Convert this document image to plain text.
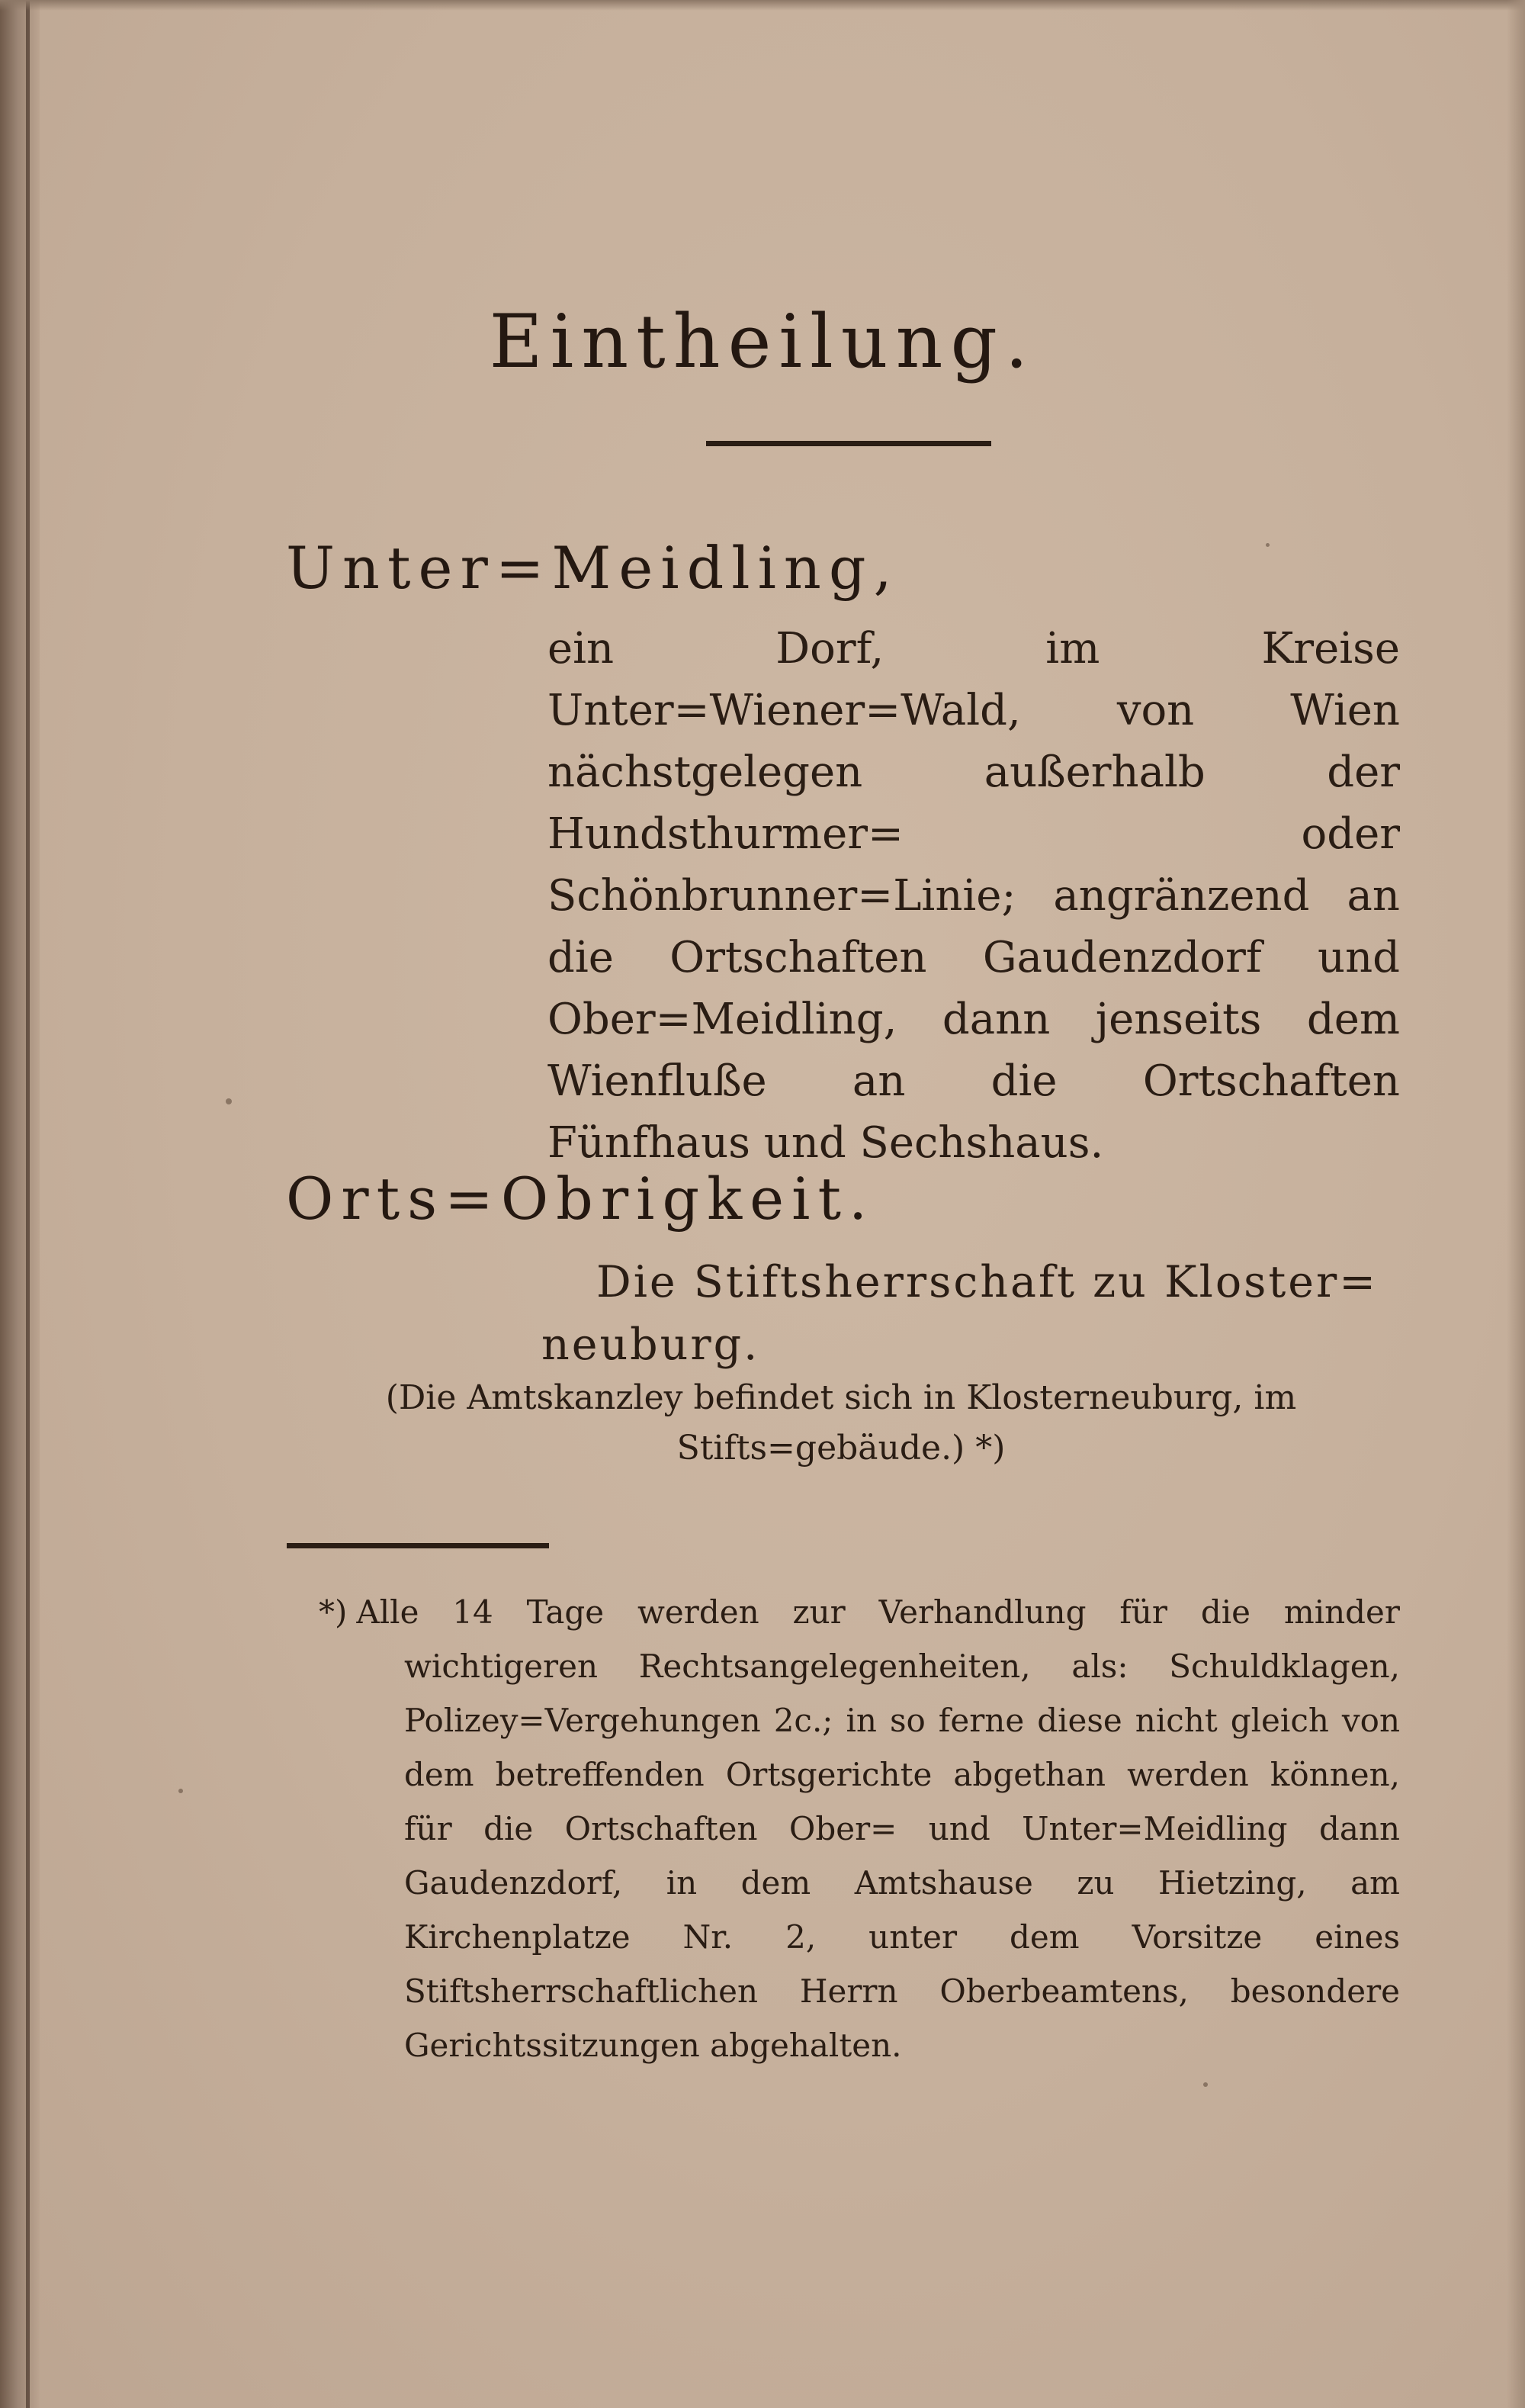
Eintheilung.
Unter=Meidling,
ein Dorf, im Kreise Unter=Wiener=Wald, von Wien nächstgelegen außerhalb der Hundsthurmer= oder Schönbrunner=Linie; angränzend an die Ortschaften Gaudenzdorf und Ober=Meidling, dann jenseits dem Wienfluße an die Ortschaften Fünfhaus und Sechshaus.
Orts=Obrigkeit.
Die Stiftsherrschaft zu Kloster=
neuburg.
(Die Amtskanzley befindet sich in Klosterneuburg, im Stifts=gebäude.) *)
*) Alle 14 Tage werden zur Verhandlung für die minder wichtigeren Rechtsangelegenheiten, als: Schuldklagen, Polizey=Vergehungen 2c.; in so ferne diese nicht gleich von dem betreffenden Ortsgerichte abgethan werden können, für die Ortschaften Ober= und Unter=Meidling dann Gaudenzdorf, in dem Amtshause zu Hietzing, am Kirchenplatze Nr. 2, unter dem Vorsitze eines Stiftsherrschaftlichen Herrn Oberbeamtens, besondere Gerichtssitzungen abgehalten.
